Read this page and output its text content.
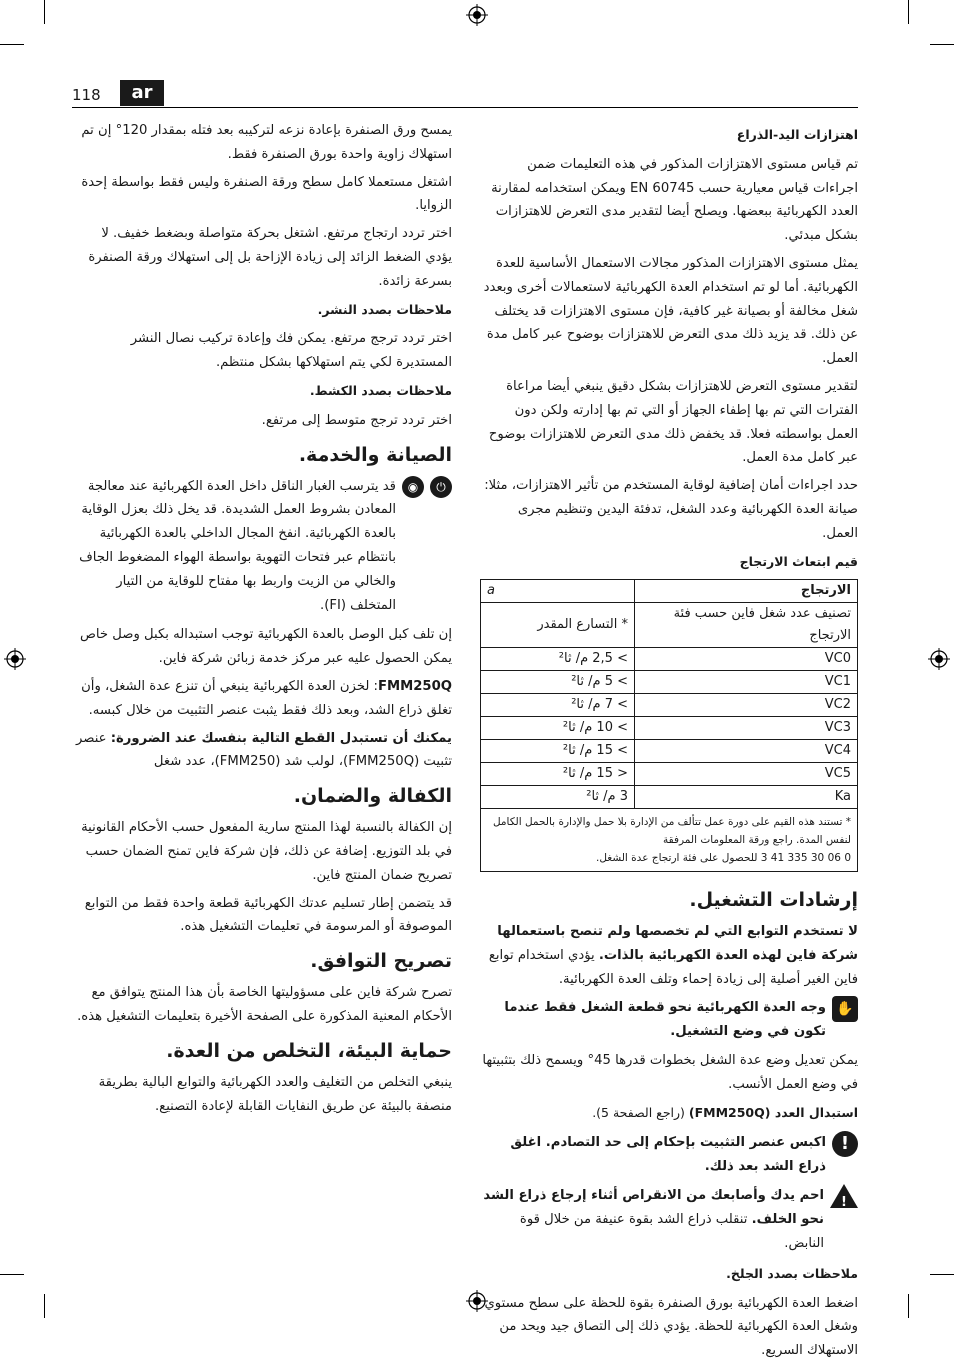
118	ar

يمسح ورق الصنفرة بإعادة نزعه لتركيبه بعد فتله بمقدار 120° إن تم استهلاك زاوية واحدة بورق الصنفرة فقط.

اشتغل مستعملا كامل سطح ورقة الصنفرة وليس فقط بواسطة إحدة الزوايا.

اختر تردد ارتجاج مرتفع. اشتغل بحركة متواصلة وبضغط خفيف. لا يؤدي الضغط الزائد إلى زيادة الإزاحة بل إلى استهلاك ورقة الصنفرة بسرعة زائدة.

ملاحظات بصدد النشر.

اختر تردد ترجج مرتفع. يمكن فك وإعادة تركيب نصال النشر المستديرة لكي يتم استهلاكها بشكل منتظم.

ملاحظات بصدد الكشط.

اختر تردد ترجج متوسط إلى مرتفع.

الصيانة والخدمة.

⏻
◉
قد يترسب الغبار الناقل داخل العدة الكهربائية عند معالجة المعادن بشروط العمل الشديدة. قد يخل ذلك بعزل الوقاية بالعدة الكهربائية. انفخ المجال الداخلي بالعدة الكهربائية بانتظام عبر فتحات التهوية بواسطة الهواء المضغوط الجاف والخالي من الزيت واربط بها مفتاح للوقاية من التيار المتخلف (FI).

إن تلف كبل الوصل بالعدة الكهربائية توجب استبداله بكبل وصل خاص يمكن الحصول عليه عبر مركز خدمة زبائن شركة فاين.

FMM250Q: لخزن العدة الكهربائية ينبغي أن تنزع عدة الشغل، وأن تغلق ذراع الشد، وبعد ذلك فقط يثبت عنصر التثبيت من خلال كبسه.

يمكنك أن تستبدل القطع التالية بنفسك عند الضرورة: عنصر تثبيت (FMM250Q)، لولب شد (FMM250)، عدد شغل

الكفالة والضمان.

إن الكفالة بالنسبة لهذا المنتج سارية المفعول حسب الأحكام القانونية في بلد التوزيع. إضافة عن ذلك، فإن شركة فاين تمنح الضمان حسب تصريح ضمان المنتج فاين.

قد يتضمن إطار تسليم عدتك الكهربائية قطعة واحدة فقط من التوابع الموصوفة أو المرسومة في تعليمات التشغيل هذه.

تصريح التوافق.

تصرح شركة فاين على مسؤوليتها الخاصة بأن هذا المنتج يتوافق مع الأحكام المعنية المذكورة على الصفحة الأخيرة بتعليمات التشغيل هذه.

حماية البيئة، التخلص من العدة.

ينبغي التخلص من التغليف والعدد الكهربائية والتوابع البالية بطريقة منصفة بالبيئة عن طريق النفايات القابلة لإعادة التصنيع.

اهتزازات اليد-الذراع

تم قياس مستوى الاهتزازات المذكور في هذه التعليمات ضمن اجراءات قياس معيارية حسب EN 60745 ويمكن استخدامه لمقارنة العدد الكهربائية ببعضها. ويصلح أيضا لتقدير مدى التعرض للاهتزازات بشكل مبدئي.

يمثل مستوى الاهتزازات المذكور مجالات الاستعمال الأساسية للعدة الكهربائية. أما لو تم استخدام العدة الكهربائية لاستعمالات أخرى وبعدد شغل مخالفة أو بصيانة غير كافية، فإن مستوى الاهتزازات قد يختلف عن ذلك. قد يزيد ذلك مدى التعرض للاهتزازات بوضوح عبر كامل مدة العمل.

لتقدير مستوى التعرض للاهتزازات بشكل دقيق ينبغي أيضا مراعاة الفترات التي تم بها إطفاء الجهاز أو التي تم بها إدارته ولكن دون العمل بواسطته فعلا. قد يخفض ذلك مدى التعرض للاهتزازات بوضوح عبر كامل مدة العمل.

حدد اجراءات أمان إضافية لوقاية المستخدم من تأثير الاهتزازات، مثلا: صيانة العدة الكهربائية وعدد الشغل، تدفئة اليدين وتنظيم مجرى العمل.

قيم ابتعاث الارتجاج

الارتجاج	a
تصنيف عدد شغل فاين حسب فئة الارتجاج	* التسارع المقدر
VC0	> 2,5 م/ ثا²
VC1	> 5 م/ ثا²
VC2	> 7 م/ ثا²
VC3	> 10 م/ ثا²
VC4	> 15 م/ ثا²
VC5	< 15 م/ ثا²
Ka	3 م/ ثا²

* تستند هذه القيم على دورة عمل تتألف من الإدارة بلا حمل والإدارة بالحمل الكامل لنفس المدة. راجع ورقة المعلومات المرفقة
0 06 30 335 41 3 للحصول على فئة ارتجاج عدة الشغل.	

إرشادات التشغيل.

لا تستخدم التوابع التي لم تخصصها ولم تنصح باستعمالها شركة فاين لهذه العدة الكهربائية بالذات. يؤدي استخدام توابع فاين الغير أصلية إلى زيادة إحماء وتلف العدة الكهربائية.

✋
وجه العدة الكهربائية نحو قطعة الشغل فقط عندما تكون في وضع التشغيل.

يمكن تعديل وضع عدة الشغل بخطوات قدرها 45° ويسمح ذلك بتثبيتها في وضع العمل الأنسب.

استبدال العدد (FMM250Q) (راجع الصفحة 5).

!
اكبس عنصر التثبيت بإحكام إلى حد التصادم. اغلق ذراع الشد بعد ذلك.
!
احم يدك وأصابعك من الانقراص أثناء إرجاع ذراع الشد نحو الخلف. تنقلب ذراع الشد بقوة عنيفة من خلال قوة النابض.

ملاحظات بصدد الجلخ.

اضغط العدة الكهربائية بورق الصنفرة بقوة للحظة على سطح مستوي وشغل العدة الكهربائية للحظة. يؤدي ذلك إلى التصاق جيد ويحد من الاستهلاك السريع.
